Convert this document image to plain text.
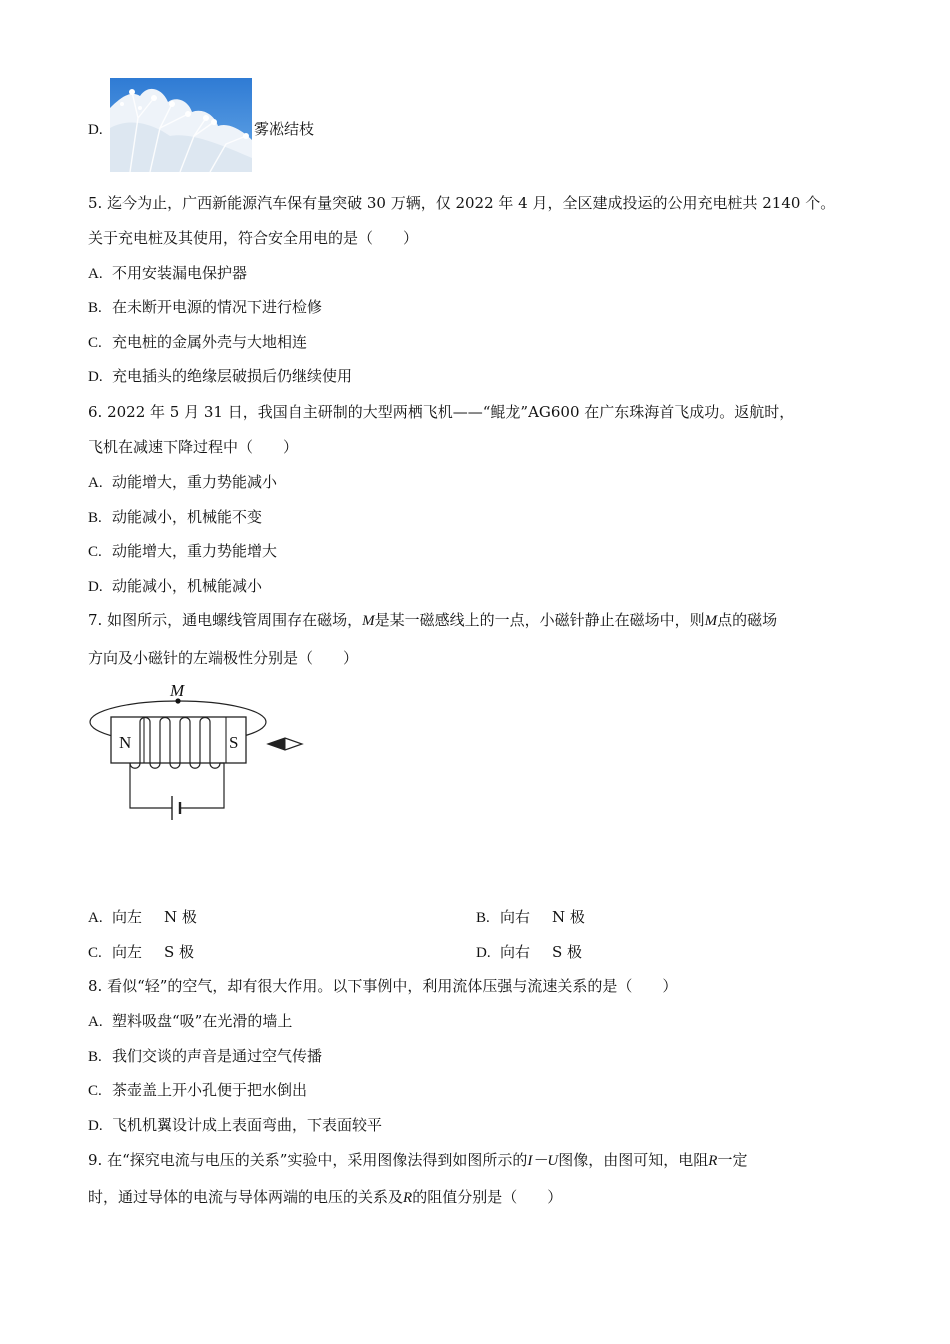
D.	雾凇结枝
5. 迄今为止，广西新能源汽车保有量突破 30 万辆，仅 2022 年 4 月，全区建成投运的公用充电桩共 2140 个。
关于充电桩及其使用，符合安全用电的是（　　）
A. 不用安装漏电保护器
B. 在未断开电源的情况下进行检修
C. 充电桩的金属外壳与大地相连
D. 充电插头的绝缘层破损后仍继续使用
6. 2022 年 5 月 31 日，我国自主研制的大型两栖飞机——“鲲龙”AG600 在广东珠海首飞成功。返航时，
飞机在减速下降过程中（　　）
A. 动能增大，重力势能减小
B. 动能减小，机械能不变
C. 动能增大，重力势能增大
D. 动能减小，机械能减小
7. 如图所示，通电螺线管周围存在磁场，M是某一磁感线上的一点，小磁针静止在磁场中，则M点的磁场
方向及小磁针的左端极性分别是（　　）
M
N	S
A. 向左 N 极	B. 向右 N 极
C. 向左 S 极	D. 向右 S 极
8. 看似“轻”的空气，却有很大作用。以下事例中，利用流体压强与流速关系的是（　　）
A. 塑料吸盘“吸”在光滑的墙上
B. 我们交谈的声音是通过空气传播
C. 茶壶盖上开小孔便于把水倒出
D. 飞机机翼设计成上表面弯曲，下表面较平
9. 在“探究电流与电压的关系”实验中，采用图像法得到如图所示的I－U图像，由图可知，电阻R一定
时，通过导体的电流与导体两端的电压的关系及R的阻值分别是（　　）
